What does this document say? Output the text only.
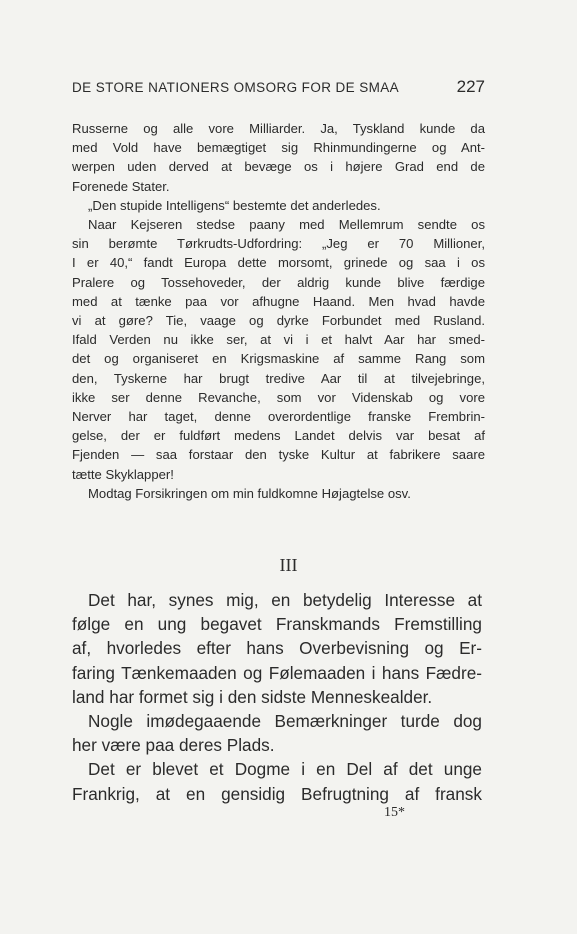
DE STORE NATIONERS OMSORG FOR DE SMAA	227
Russerne og alle vore Milliarder. Ja, Tyskland kunde da
med Vold have bemægtiget sig Rhinmundingerne og Ant-
werpen uden derved at bevæge os i højere Grad end de
Forenede Stater.
„Den stupide Intelligens“ bestemte det anderledes.
Naar Kejseren stedse paany med Mellemrum sendte os
sin berømte Tørkrudts-Udfordring: „Jeg er 70 Millioner,
I er 40,“ fandt Europa dette morsomt, grinede og saa i os
Pralere og Tossehoveder, der aldrig kunde blive færdige
med at tænke paa vor afhugne Haand. Men hvad havde
vi at gøre? Tie, vaage og dyrke Forbundet med Rusland.
Ifald Verden nu ikke ser, at vi i et halvt Aar har smed-
det og organiseret en Krigsmaskine af samme Rang som
den, Tyskerne har brugt tredive Aar til at tilvejebringe,
ikke ser denne Revanche, som vor Videnskab og vore
Nerver har taget, denne overordentlige franske Frembrin-
gelse, der er fuldført medens Landet delvis var besat af
Fjenden — saa forstaar den tyske Kultur at fabrikere saare
tætte Skyklapper!
Modtag Forsikringen om min fuldkomne Højagtelse osv.
III
Det har, synes mig, en betydelig Interesse at
følge en ung begavet Franskmands Fremstilling
af, hvorledes efter hans Overbevisning og Er-
faring Tænkemaaden og Følemaaden i hans Fædre-
land har formet sig i den sidste Menneskealder.
Nogle imødegaaende Bemærkninger turde dog
her være paa deres Plads.
Det er blevet et Dogme i en Del af det unge
Frankrig, at en gensidig Befrugtning af fransk
15*
